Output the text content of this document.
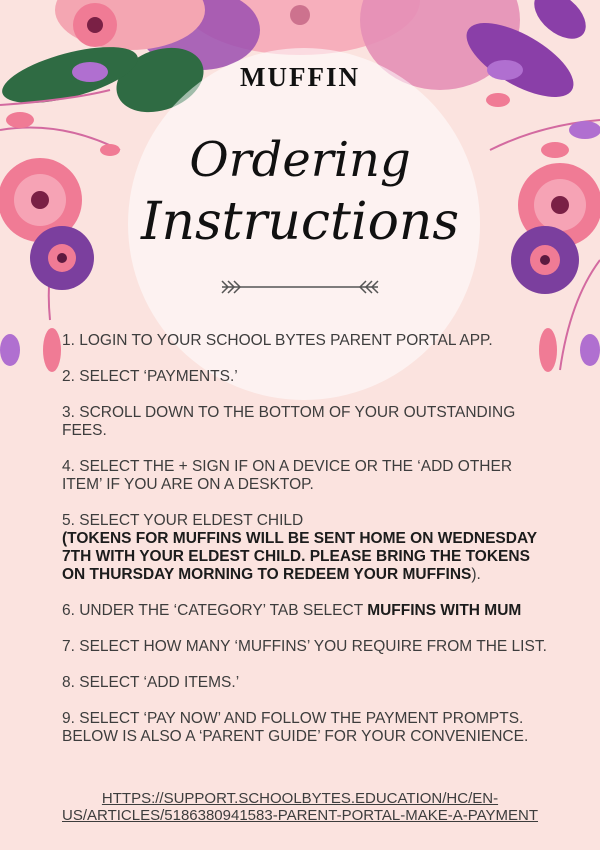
MUFFIN
Ordering
Instructions
1. LOGIN TO YOUR SCHOOL BYTES PARENT PORTAL APP.
2. SELECT ‘PAYMENTS.’
3. SCROLL DOWN TO THE BOTTOM OF YOUR OUTSTANDING FEES.
4. SELECT THE + SIGN IF ON A DEVICE OR THE ‘ADD OTHER ITEM’ IF YOU ARE ON A DESKTOP.
5. SELECT YOUR ELDEST CHILD
(TOKENS FOR MUFFINS WILL BE SENT HOME ON WEDNESDAY 7TH WITH YOUR ELDEST CHILD. PLEASE BRING THE TOKENS ON THURSDAY MORNING TO REDEEM YOUR MUFFINS).
6. UNDER THE ‘CATEGORY’ TAB SELECT MUFFINS WITH MUM
7. SELECT HOW MANY ‘MUFFINS’ YOU REQUIRE FROM THE LIST.
8. SELECT ‘ADD ITEMS.’
9. SELECT ‘PAY NOW’ AND FOLLOW THE PAYMENT PROMPTS. BELOW IS ALSO A ‘PARENT GUIDE’ FOR YOUR CONVENIENCE.
HTTPS://SUPPORT.SCHOOLBYTES.EDUCATION/HC/EN-US/ARTICLES/5186380941583-PARENT-PORTAL-MAKE-A-PAYMENT
